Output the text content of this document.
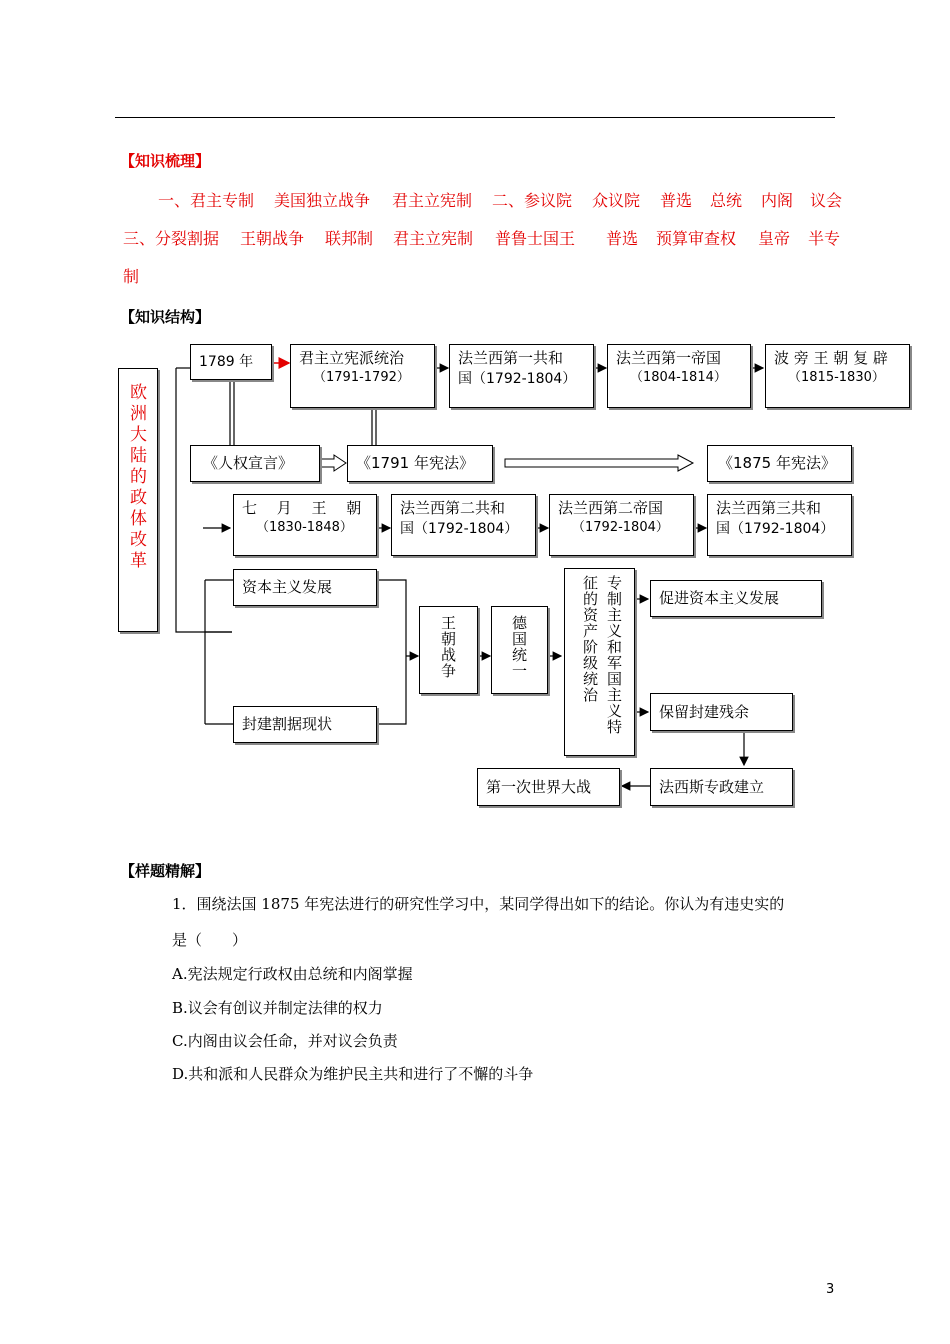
【知识梳理】
一、君主专制 美国独立战争 君主立宪制 二、参议院 众议院 普选 总统 内阁 议会
三、分裂割据 王朝战争 联邦制 君主立宪制 普鲁士国王 普选 预算审查权 皇帝 半专
制
【知识结构】
欧洲大陆的政体改革
1789 年	君主立宪派统治
（1791-1792）
法兰西第一共和
国（1792-1804）
法兰西第一帝国
（1804-1814）
波 旁 王 朝 复 辟
（1815-1830）
《人权宣言》	《1791 年宪法》	《1875 年宪法》
七 　月 　王 　朝
（1830-1848）
法兰西第二共和
国（1792-1804）
法兰西第二帝国
（1792-1804）
法兰西第三共和
国（1792-1804）
资本主义发展
封建割据现状
王朝战争	德国统一	专制主义和军国主义特征的资产阶级统治	促进资本主义发展
保留封建残余
法西斯专政建立
第一次世界大战
【样题精解】
1．围绕法国 1875 年宪法进行的研究性学习中，某同学得出如下的结论。你认为有违史实的
是（　　）
A.宪法规定行政权由总统和内阁掌握
B.议会有创议并制定法律的权力
C.内阁由议会任命，并对议会负责
D.共和派和人民群众为维护民主共和进行了不懈的斗争
3
